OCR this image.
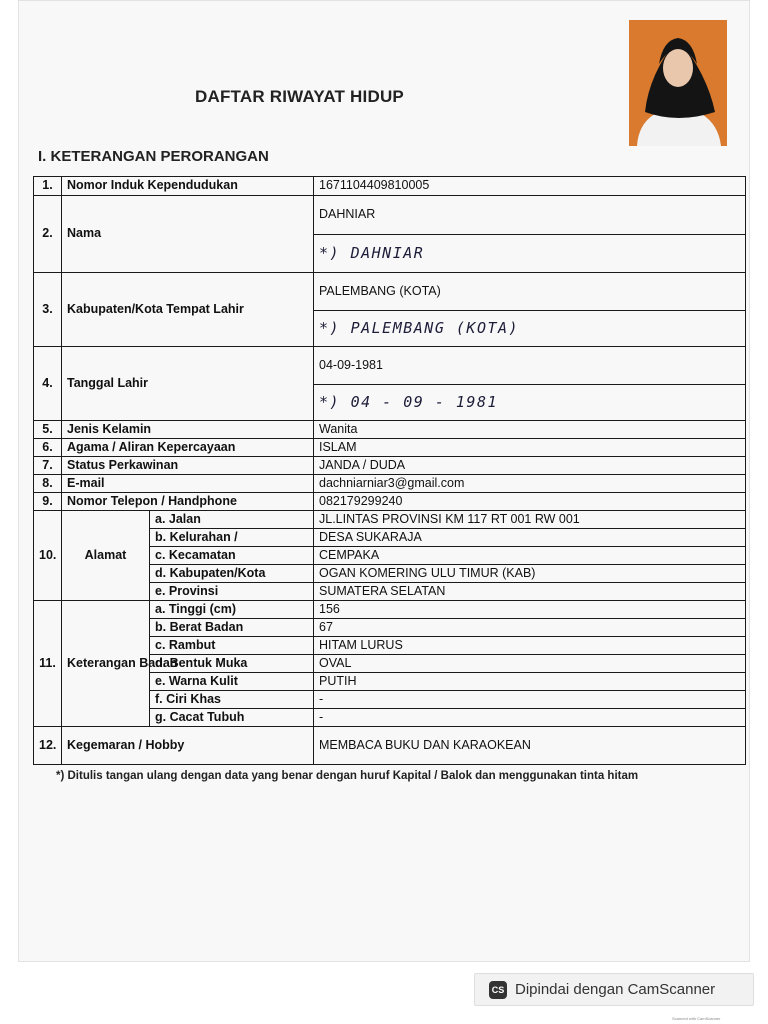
DAFTAR RIWAYAT HIDUP
I. KETERANGAN PERORANGAN
1.	Nomor Induk Kependudukan		1671104409810005
2.	Nama		DAHNIAR
			*) DAHNIAR
3.	Kabupaten/Kota Tempat Lahir		PALEMBANG (KOTA)
			*) PALEMBANG (KOTA)
4.	Tanggal Lahir		04-09-1981
			*) 04 - 09 - 1981
5.	Jenis Kelamin		Wanita
6.	Agama / Aliran Kepercayaan		ISLAM
7.	Status Perkawinan		JANDA / DUDA
8.	E-mail		dachniarniar3@gmail.com
9.	Nomor Telepon / Handphone		082179299240
10.	Alamat	a. Jalan	JL.LINTAS PROVINSI KM 117 RT 001 RW 001
		b. Kelurahan /	DESA SUKARAJA
		c. Kecamatan	CEMPAKA
		d. Kabupaten/Kota	OGAN KOMERING ULU TIMUR (KAB)
		e. Provinsi	SUMATERA SELATAN
11.	Keterangan Badan	a. Tinggi (cm)	156
		b. Berat Badan	67
		c. Rambut	HITAM LURUS
		d. Bentuk Muka	OVAL
		e. Warna Kulit	PUTIH
		f. Ciri Khas	-
		g. Cacat Tubuh	-
12.	Kegemaran / Hobby		MEMBACA BUKU DAN KARAOKEAN
*) Ditulis tangan ulang dengan data yang benar dengan huruf Kapital / Balok dan menggunakan tinta hitam
CS Dipindai dengan CamScanner
Scanned with CamScanner
